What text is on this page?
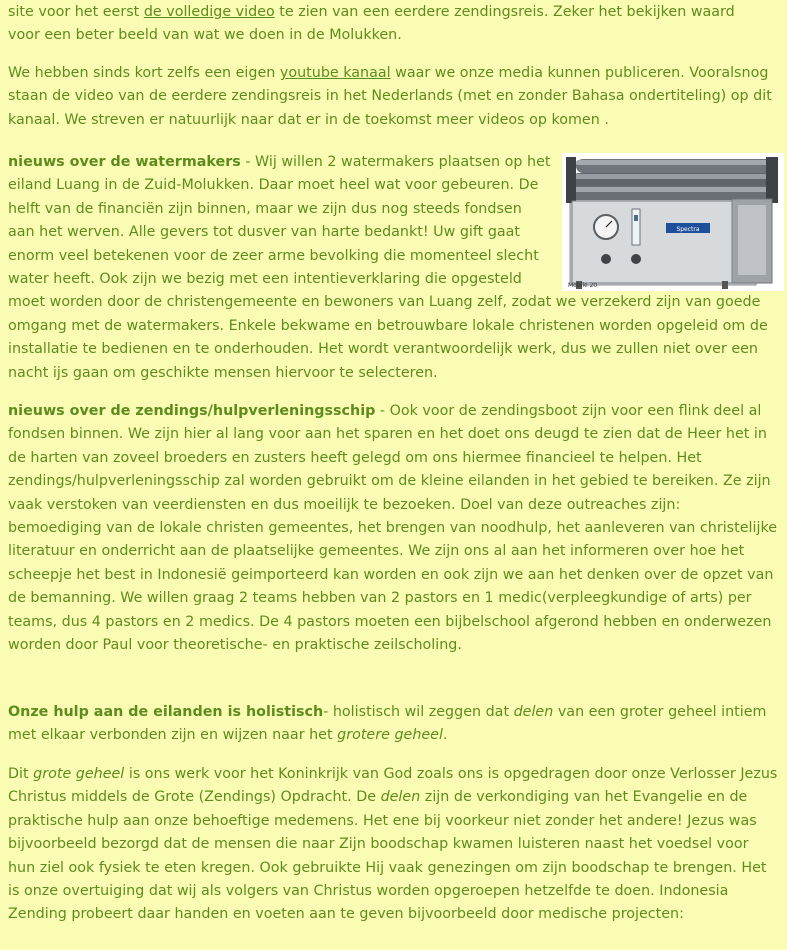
site voor het eerst de volledige video te zien van een eerdere zendingsreis. Zeker het bekijken waard voor een beter beeld van wat we doen in de Molukken.

We hebben sinds kort zelfs een eigen youtube kanaal waar we onze media kunnen publiceren. Vooralsnog staan de video van de eerdere zendingsreis in het Nederlands (met en zonder Bahasa ondertiteling) op dit kanaal. We streven er natuurlijk naar dat er in de toekomst meer videos op komen .

Spectra
Mobile 20
nieuws over de watermakers - Wij willen 2 watermakers plaatsen op het eiland Luang in de Zuid-Molukken. Daar moet heel wat voor gebeuren. De helft van de financiën zijn binnen, maar we zijn dus nog steeds fondsen aan het werven. Alle gevers tot dusver van harte bedankt! Uw gift gaat enorm veel betekenen voor de zeer arme bevolking die momenteel slecht water heeft. Ook zijn we bezig met een intentieverklaring die opgesteld moet worden door de christengemeente en bewoners van Luang zelf, zodat we verzekerd zijn van goede omgang met de watermakers. Enkele bekwame en betrouwbare lokale christenen worden opgeleid om de installatie te bedienen en te onderhouden. Het wordt verantwoordelijk werk, dus we zullen niet over een nacht ijs gaan om geschikte mensen hiervoor te selecteren.

nieuws over de zendings/hulpverleningsschip - Ook voor de zendingsboot zijn voor een flink deel al fondsen binnen. We zijn hier al lang voor aan het sparen en het doet ons deugd te zien dat de Heer het in de harten van zoveel broeders en zusters heeft gelegd om ons hiermee financieel te helpen. Het zendings/hulpverleningsschip zal worden gebruikt om de kleine eilanden in het gebied te bereiken. Ze zijn vaak verstoken van veerdiensten en dus moeilijk te bezoeken. Doel van deze outreaches zijn: bemoediging van de lokale christen gemeentes, het brengen van noodhulp, het aanleveren van christelijke literatuur en onderricht aan de plaatselijke gemeentes. We zijn ons al aan het informeren over hoe het scheepje het best in Indonesië geimporteerd kan worden en ook zijn we aan het denken over de opzet van de bemanning. We willen graag 2 teams hebben van 2 pastors en 1 medic(verpleegkundige of arts) per teams, dus 4 pastors en 2 medics. De 4 pastors moeten een bijbelschool afgerond hebben en onderwezen worden door Paul voor theoretische- en praktische zeilscholing.

Onze hulp aan de eilanden is holistisch- holistisch wil zeggen dat delen van een groter geheel intiem met elkaar verbonden zijn en wijzen naar het grotere geheel.

Dit grote geheel is ons werk voor het Koninkrijk van God zoals ons is opgedragen door onze Verlosser Jezus Christus middels de Grote (Zendings) Opdracht. De delen zijn de verkondiging van het Evangelie en de praktische hulp aan onze behoeftige medemens. Het ene bij voorkeur niet zonder het andere! Jezus was bijvoorbeeld bezorgd dat de mensen die naar Zijn boodschap kwamen luisteren naast het voedsel voor hun ziel ook fysiek te eten kregen. Ook gebruikte Hij vaak genezingen om zijn boodschap te brengen. Het is onze overtuiging dat wij als volgers van Christus worden opgeroepen hetzelfde te doen. Indonesia Zending probeert daar handen en voeten aan te geven bijvoorbeeld door medische projecten:
